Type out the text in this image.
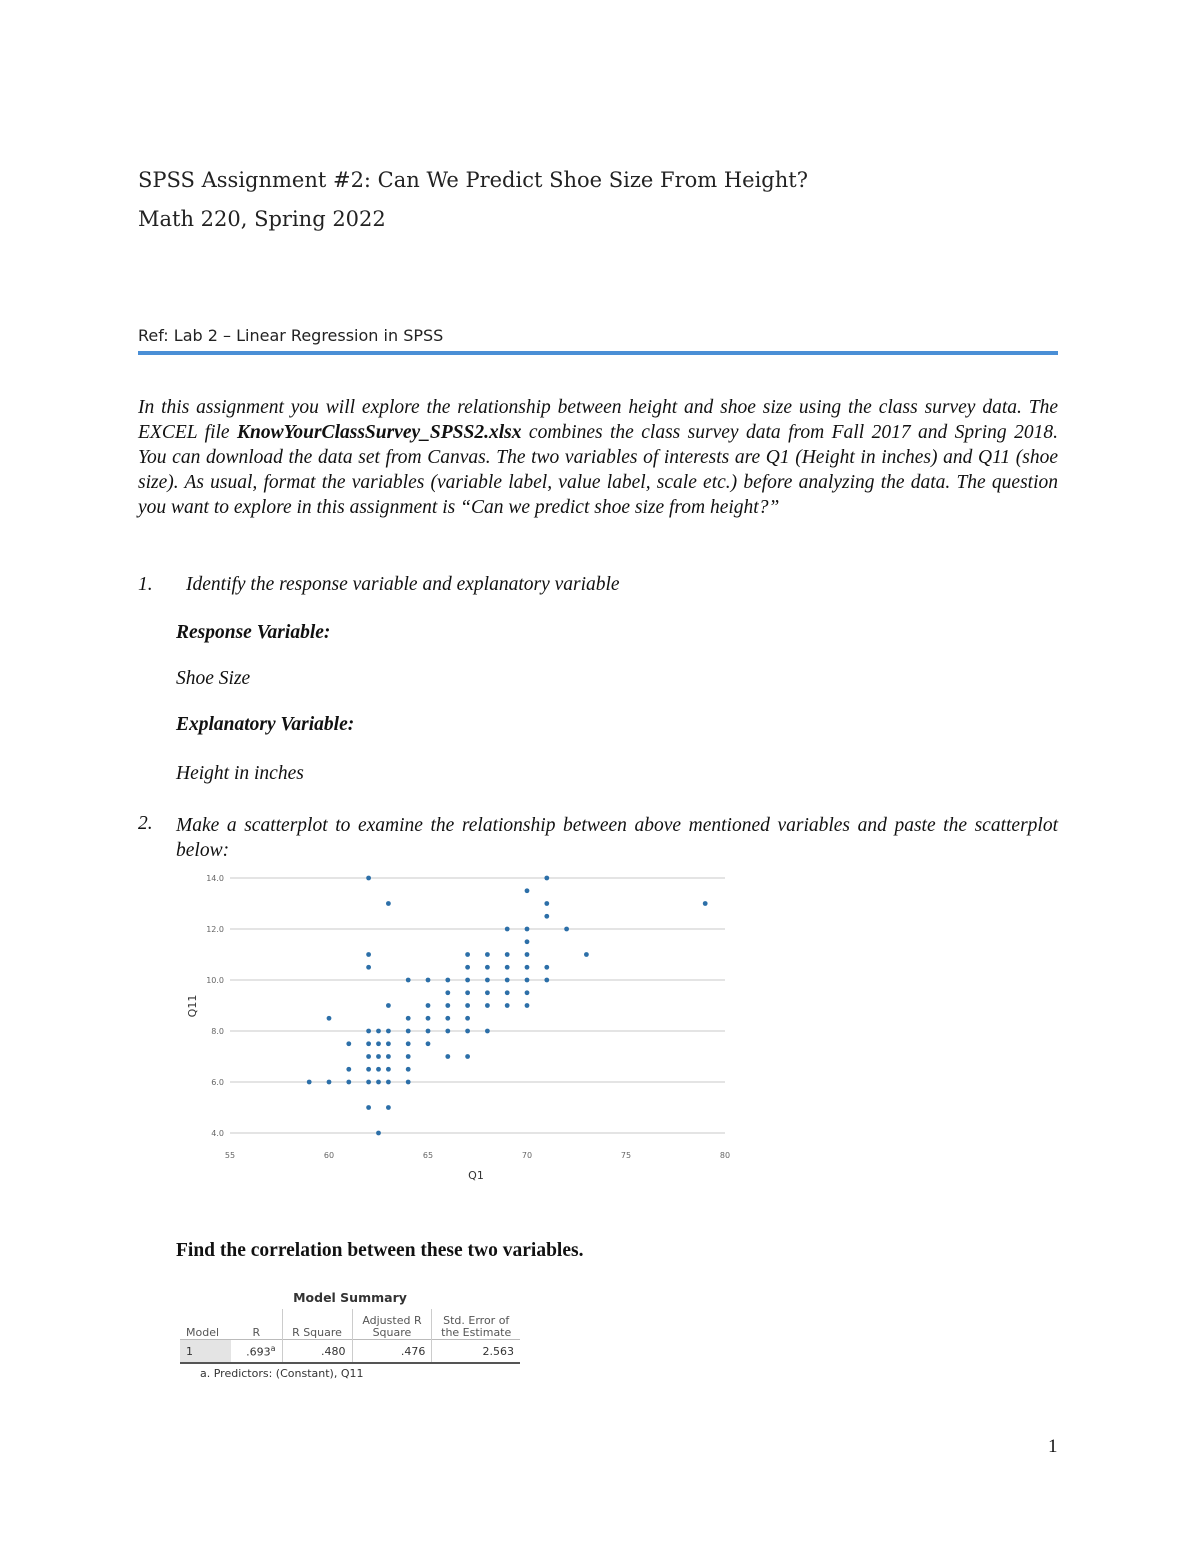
SPSS Assignment #2: Can We Predict Shoe Size From Height?
Math 220, Spring 2022
Ref: Lab 2 – Linear Regression in SPSS
In this assignment you will explore the relationship between height and shoe size using the class survey data. The EXCEL file KnowYourClassSurvey_SPSS2.xlsx combines the class survey data from Fall 2017 and Spring 2018. You can download the data set from Canvas. The two variables of interests are Q1 (Height in inches) and Q11 (shoe size). As usual, format the variables (variable label, value label, scale etc.) before analyzing the data. The question you want to explore in this assignment is “Can we predict shoe size from height?”
1. Identify the response variable and explanatory variable
Response Variable:
Shoe Size
Explanatory Variable:
Height in inches
2. Make a scatterplot to examine the relationship between above mentioned variables and paste the scatterplot below:
4.0
6.0
8.0
10.0
12.0
14.0
55	60	65	70	75	80
Q1
Q11
Find the correlation between these two variables.
Model Summary
Model	R	R Square	Adjusted R Square	Std. Error of the Estimate
1	.693$^a$	.480	.476	2.563
a. Predictors: (Constant), Q11
1
